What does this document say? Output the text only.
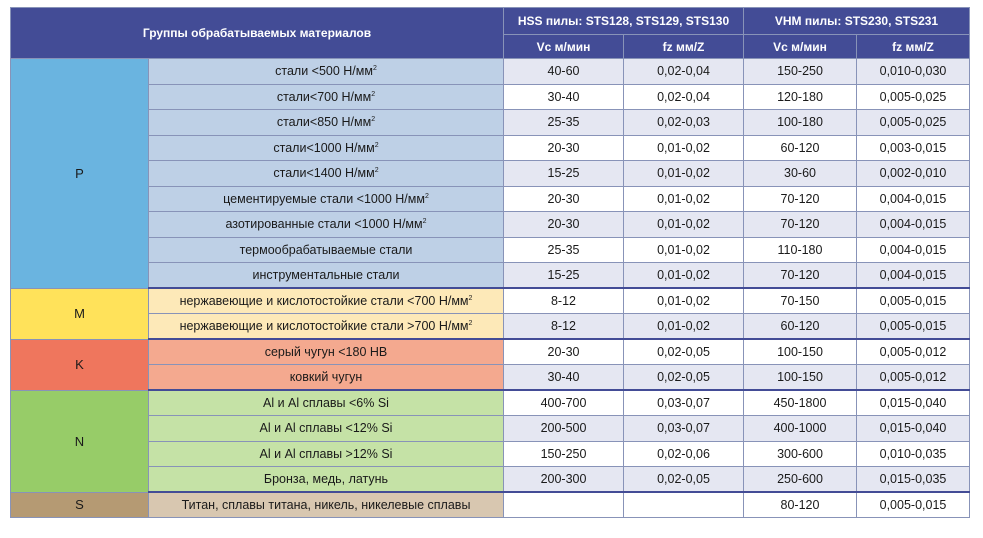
Группы обрабатываемых материалов		HSS пилы: STS128, STS129, STS130		VHM пилы: STS230, STS231	
		Vc м/мин	fz мм/Z	Vc м/мин	fz мм/Z
P	стали <500 $Н/мм^2$	40-60	0,02-0,04	150-250	0,010-0,030
	стали<700 $Н/мм^2$	30-40	0,02-0,04	120-180	0,005-0,025
	стали<850 $Н/мм^2$	25-35	0,02-0,03	100-180	0,005-0,025
	стали<1000 $Н/мм^2$	20-30	0,01-0,02	60-120	0,003-0,015
	стали<1400 $Н/мм^2$	15-25	0,01-0,02	30-60	0,002-0,010
	цементируемые стали <1000 $Н/мм^2$	20-30	0,01-0,02	70-120	0,004-0,015
	азотированные стали <1000 $Н/мм^2$	20-30	0,01-0,02	70-120	0,004-0,015
	термообрабатываемые стали	25-35	0,01-0,02	110-180	0,004-0,015
	инструментальные стали	15-25	0,01-0,02	70-120	0,004-0,015
M	нержавеющие и кислотостойкие стали <700 $Н/мм^2$	8-12	0,01-0,02	70-150	0,005-0,015
	нержавеющие и кислотостойкие стали >700 $Н/мм^2$	8-12	0,01-0,02	60-120	0,005-0,015
K	серый чугун <180 HB	20-30	0,02-0,05	100-150	0,005-0,012
	ковкий чугун	30-40	0,02-0,05	100-150	0,005-0,012
N	Al и Al сплавы <6% Si	400-700	0,03-0,07	450-1800	0,015-0,040
	Al и Al сплавы <12% Si	200-500	0,03-0,07	400-1000	0,015-0,040
	Al и Al сплавы >12% Si	150-250	0,02-0,06	300-600	0,010-0,035
	Бронза, медь, латунь	200-300	0,02-0,05	250-600	0,015-0,035
S	Титан, сплавы титана, никель, никелевые сплавы			80-120	0,005-0,015
